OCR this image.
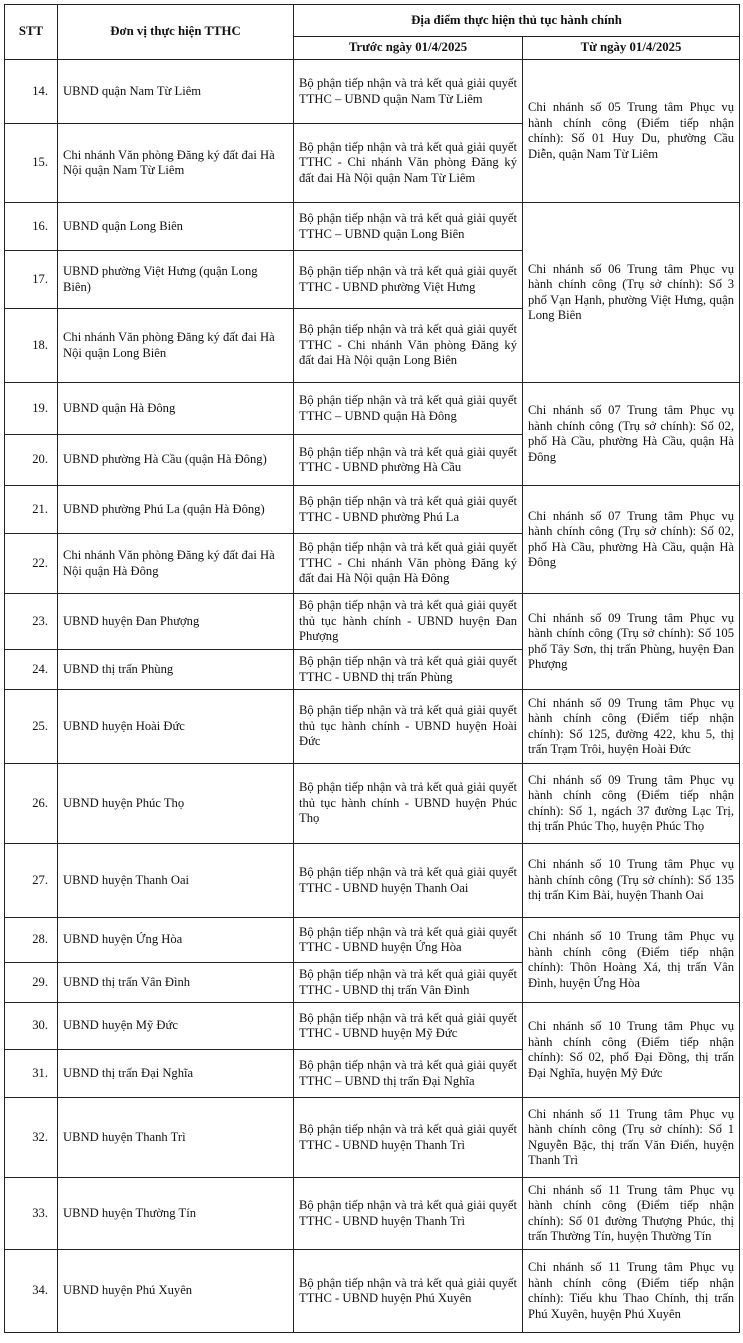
STT	Đơn vị thực hiện TTHC	Địa điểm thực hiện thủ tục hành chính	
		Trước ngày 01/4/2025	Từ ngày 01/4/2025
14.	UBND quận Nam Từ Liêm	Bộ phận tiếp nhận và trả kết quả giải quyết TTHC – UBND quận Nam Từ Liêm	Chi nhánh số 05 Trung tâm Phục vụ hành chính công (Điểm tiếp nhận chính): Số 01 Huy Du, phường Cầu Diễn, quận Nam Từ Liêm
15.	Chi nhánh Văn phòng Đăng ký đất đai Hà Nội quận Nam Từ Liêm	Bộ phận tiếp nhận và trả kết quả giải quyết TTHC - Chi nhánh Văn phòng Đăng ký đất đai Hà Nội quận Nam Từ Liêm	
16.	UBND quận Long Biên	Bộ phận tiếp nhận và trả kết quả giải quyết TTHC – UBND quận Long Biên	Chi nhánh số 06 Trung tâm Phục vụ hành chính công (Trụ sở chính): Số 3 phố Vạn Hạnh, phường Việt Hưng, quận Long Biên
17.	UBND phường Việt Hưng (quận Long Biên)	Bộ phận tiếp nhận và trả kết quả giải quyết TTHC - UBND phường Việt Hưng	
18.	Chi nhánh Văn phòng Đăng ký đất đai Hà Nội quận Long Biên	Bộ phận tiếp nhận và trả kết quả giải quyết TTHC - Chi nhánh Văn phòng Đăng ký đất đai Hà Nội quận Long Biên	
19.	UBND quận Hà Đông	Bộ phận tiếp nhận và trả kết quả giải quyết TTHC – UBND quận Hà Đông	Chi nhánh số 07 Trung tâm Phục vụ hành chính công (Trụ sở chính): Số 02, phố Hà Cầu, phường Hà Cầu, quận Hà Đông
20.	UBND phường Hà Cầu (quận Hà Đông)	Bộ phận tiếp nhận và trả kết quả giải quyết TTHC - UBND phường Hà Cầu	
21.	UBND phường Phú La (quận Hà Đông)	Bộ phận tiếp nhận và trả kết quả giải quyết TTHC - UBND phường Phú La	Chi nhánh số 07 Trung tâm Phục vụ hành chính công (Trụ sở chính): Số 02, phố Hà Cầu, phường Hà Cầu, quận Hà Đông
22.	Chi nhánh Văn phòng Đăng ký đất đai Hà Nội quận Hà Đông	Bộ phận tiếp nhận và trả kết quả giải quyết TTHC - Chi nhánh Văn phòng Đăng ký đất đai Hà Nội quận Hà Đông	
23.	UBND huyện Đan Phượng	Bộ phận tiếp nhận và trả kết quả giải quyết thủ tục hành chính - UBND huyện Đan Phượng	Chi nhánh số 09 Trung tâm Phục vụ hành chính công (Trụ sở chính): Số 105 phố Tây Sơn, thị trấn Phùng, huyện Đan Phượng
24.	UBND thị trấn Phùng	Bộ phận tiếp nhận và trả kết quả giải quyết TTHC - UBND thị trấn Phùng	
25.	UBND huyện Hoài Đức	Bộ phận tiếp nhận và trả kết quả giải quyết thủ tục hành chính - UBND huyện Hoài Đức	Chi nhánh số 09 Trung tâm Phục vụ hành chính công (Điểm tiếp nhận chính): Số 125, đường 422, khu 5, thị trấn Trạm Trôi, huyện Hoài Đức
26.	UBND huyện Phúc Thọ	Bộ phận tiếp nhận và trả kết quả giải quyết thủ tục hành chính - UBND huyện Phúc Thọ	Chi nhánh số 09 Trung tâm Phục vụ hành chính công (Điểm tiếp nhận chính): Số 1, ngách 37 đường Lạc Trị, thị trấn Phúc Thọ, huyện Phúc Thọ
27.	UBND huyện Thanh Oai	Bộ phận tiếp nhận và trả kết quả giải quyết TTHC - UBND huyện Thanh Oai	Chi nhánh số 10 Trung tâm Phục vụ hành chính công (Trụ sở chính): Số 135 thị trấn Kim Bài, huyện Thanh Oai
28.	UBND huyện Ứng Hòa	Bộ phận tiếp nhận và trả kết quả giải quyết TTHC - UBND huyện Ứng Hòa	Chi nhánh số 10 Trung tâm Phục vụ hành chính công (Điểm tiếp nhận chính): Thôn Hoàng Xá, thị trấn Vân Đình, huyện Ứng Hòa
29.	UBND thị trấn Vân Đình	Bộ phận tiếp nhận và trả kết quả giải quyết TTHC - UBND thị trấn Vân Đình	
30.	UBND huyện Mỹ Đức	Bộ phận tiếp nhận và trả kết quả giải quyết TTHC - UBND huyện Mỹ Đức	Chi nhánh số 10 Trung tâm Phục vụ hành chính công (Điểm tiếp nhận chính): Số 02, phố Đại Đồng, thị trấn Đại Nghĩa, huyện Mỹ Đức
31.	UBND thị trấn Đại Nghĩa	Bộ phận tiếp nhận và trả kết quả giải quyết TTHC – UBND thị trấn Đại Nghĩa	
32.	UBND huyện Thanh Trì	Bộ phận tiếp nhận và trả kết quả giải quyết TTHC - UBND huyện Thanh Trì	Chi nhánh số 11 Trung tâm Phục vụ hành chính công (Trụ sở chính): Số 1 Nguyễn Bặc, thị trấn Văn Điển, huyện Thanh Trì
33.	UBND huyện Thường Tín	Bộ phận tiếp nhận và trả kết quả giải quyết TTHC - UBND huyện Thanh Trì	Chi nhánh số 11 Trung tâm Phục vụ hành chính công (Điểm tiếp nhận chính): Số 01 đường Thượng Phúc, thị trấn Thường Tín, huyện Thường Tín
34.	UBND huyện Phú Xuyên	Bộ phận tiếp nhận và trả kết quả giải quyết TTHC - UBND huyện Phú Xuyên	Chi nhánh số 11 Trung tâm Phục vụ hành chính công (Điểm tiếp nhận chính): Tiểu khu Thao Chính, thị trấn Phú Xuyên, huyện Phú Xuyên
